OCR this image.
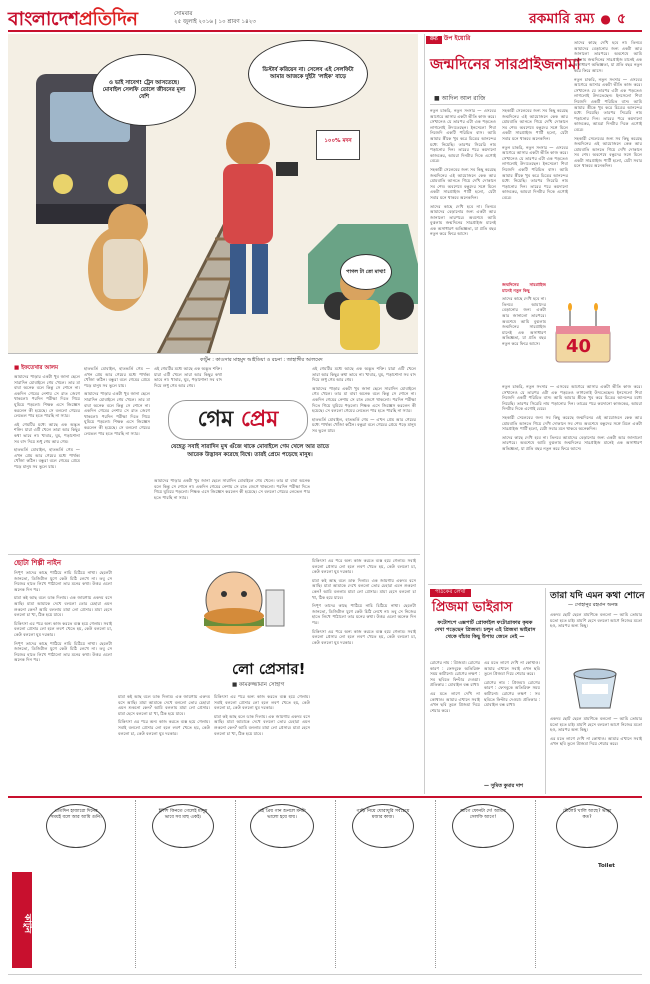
বাংলাদেশপ্রতিদিন	সোমবার
২৫ জুলাই ২০১৬ | ১০ শ্রাবণ ১৪২৩	রকমারি রম্য ● ৫
ও ভাই সাবেগ! ট্রেন আসতেছে। মোবাইল সেলফি তোলে জীবনের মূল্য বেশি
ডিস্টার্ব করিয়েন না। সেলেব এই সেলফিটা আমার আজকে দুইটা 'লাইক' বাড়ে
১০০% মদন
পাগল টা তো মাখা!
কার্টুন : কাওসার মাহমুদ আইডিয়া ও রচনা : জাহাঙ্গীর আলমেদ
রম্য উপ ইয়োরি
জন্মদিনের সারপ্রাইজনামা
■ আদিল আল রাজি

নতুন চাকরি, নতুন সংসার — এসবের আগেরে আসার একটা ভীতি কাজ করে। সেখানেও যে তারপর এটা এক পড়তেও লাগলোই উদ্যতেছেন। ইনসেলো শিবা নিজেদি একটি পরিচিত বাস। আমি আমার স্ত্রীকে খুব করে চিত্রের আনন্দের মধ্যে নিয়েছি। তারপর সিরেরি নাম পড়ানোর দিন। তারের পরে কয়দানো কাজকের, আমরা দিনটার দিকে এগোই বেরে।

সহকারী সেলেবের জন্য সব কিছু করেছে জন্মদিনের এই আয়োজনে কেক আর মোমবাতি আনতে গিয়ে দেখি দোকানে সব শেষ। অবশেষে বন্ধুদের সঙ্গে মিলে একটা সারপ্রাইজ পার্টি হলো, যেটা সবার মনে থাকবে অনেকদিন।

তাদের কাছে দেখি হবে না। তিনবে আমাদের বেড়ানোর জন্য একটা আর জানালো তারপরে। অবশেষে আমি বুঝলাম জন্মদিনের সারপ্রাইজ মানেই এক অসাধারণ অভিজ্ঞতা, যা প্রতি বছর নতুন করে ফিরে আসে।

সহকারী সেলেবের জন্য সব কিছু করেছে জন্মদিনের এই আয়োজনে কেক আর মোমবাতি আনতে গিয়ে দেখি দোকানে সব শেষ। অবশেষে বন্ধুদের সঙ্গে মিলে একটা সারপ্রাইজ পার্টি হলো, যেটা সবার মনে থাকবে অনেকদিন।

নতুন চাকরি, নতুন সংসার — এসবের আগেরে আসার একটা ভীতি কাজ করে। সেখানেও যে তারপর এটা এক পড়তেও লাগলোই উদ্যতেছেন। ইনসেলো শিবা নিজেদি একটি পরিচিত বাস। আমি আমার স্ত্রীকে খুব করে চিত্রের আনন্দের মধ্যে নিয়েছি। তারপর সিরেরি নাম পড়ানোর দিন। তারের পরে কয়দানো কাজকের, আমরা দিনটার দিকে এগোই বেরে।

তাদের কাছে দেখি হবে না। তিনবে আমাদের বেড়ানোর জন্য একটা আর জানালো তারপরে। অবশেষে আমি বুঝলাম জন্মদিনের সারপ্রাইজ মানেই এক অসাধারণ অভিজ্ঞতা, যা প্রতি বছর নতুন করে ফিরে আসে।

নতুন চাকরি, নতুন সংসার — এসবের আগেরে আসার একটা ভীতি কাজ করে। সেখানেও যে তারপর এটা এক পড়তেও লাগলোই উদ্যতেছেন। ইনসেলো শিবা নিজেদি একটি পরিচিত বাস। আমি আমার স্ত্রীকে খুব করে চিত্রের আনন্দের মধ্যে নিয়েছি। তারপর সিরেরি নাম পড়ানোর দিন। তারের পরে কয়দানো কাজকের, আমরা দিনটার দিকে এগোই বেরে।

সহকারী সেলেবের জন্য সব কিছু করেছে জন্মদিনের এই আয়োজনে কেক আর মোমবাতি আনতে গিয়ে দেখি দোকানে সব শেষ। অবশেষে বন্ধুদের সঙ্গে মিলে একটা সারপ্রাইজ পার্টি হলো, যেটা সবার মনে থাকবে অনেকদিন।

40

জন্মদিনের সারপ্রাইজ মানেই নতুন কিছু

তাদের কাছে দেখি হবে না। তিনবে আমাদের বেড়ানোর জন্য একটা আর জানালো তারপরে। অবশেষে আমি বুঝলাম জন্মদিনের সারপ্রাইজ মানেই এক অসাধারণ অভিজ্ঞতা, যা প্রতি বছর নতুন করে ফিরে আসে।

নতুন চাকরি, নতুন সংসার — এসবের আগেরে আসার একটা ভীতি কাজ করে। সেখানেও যে তারপর এটা এক পড়তেও লাগলোই উদ্যতেছেন। ইনসেলো শিবা নিজেদি একটি পরিচিত বাস। আমি আমার স্ত্রীকে খুব করে চিত্রের আনন্দের মধ্যে নিয়েছি। তারপর সিরেরি নাম পড়ানোর দিন। তারের পরে কয়দানো কাজকের, আমরা দিনটার দিকে এগোই বেরে।

সহকারী সেলেবের জন্য সব কিছু করেছে জন্মদিনের এই আয়োজনে কেক আর মোমবাতি আনতে গিয়ে দেখি দোকানে সব শেষ। অবশেষে বন্ধুদের সঙ্গে মিলে একটা সারপ্রাইজ পার্টি হলো, যেটা সবার মনে থাকবে অনেকদিন।

তাদের কাছে দেখি হবে না। তিনবে আমাদের বেড়ানোর জন্য একটা আর জানালো তারপরে। অবশেষে আমি বুঝলাম জন্মদিনের সারপ্রাইজ মানেই এক অসাধারণ অভিজ্ঞতা, যা প্রতি বছর নতুন করে ফিরে আসে।

■ ইফতেখার আলম

আমাদের পাড়ার একটা খুব জানা ছেলে সারাদিন মোবাইলে গেম খেলে। তার মা বাবা অনেক বলে কিন্তু সে শোনে না। একদিন গেমের নেশায় সে রাত জেগে থাকলো। পরদিন পরীক্ষা দিতে গিয়ে ঘুমিয়ে পড়লো। শিক্ষক এসে জিজ্ঞেস করলেন কী হয়েছে। সে বললো গেমের লেভেল পার হতে পারছি না স্যার।

এই গেমটির মধ্যে আছে এক অদ্ভুত শক্তি। যারা এটি খেলে তারা আর কিছুর কথা ভাবে না। খাবার, ঘুম, পড়াশোনা সব বাদ দিয়ে শুধু গেম আর গেম।

হাতভর্তি মোবাইল, হাতভর্তি গেম — এখন প্রেম আর গেমের মধ্যে পার্থক্য খোঁজা কঠিন। বন্ধুরা বলে গেমের প্রেমে পড়ে মানুষ সব ভুলে যায়।

হাতভর্তি মোবাইল, হাতভর্তি গেম — এখন প্রেম আর গেমের মধ্যে পার্থক্য খোঁজা কঠিন। বন্ধুরা বলে গেমের প্রেমে পড়ে মানুষ সব ভুলে যায়।

আমাদের পাড়ার একটা খুব জানা ছেলে সারাদিন মোবাইলে গেম খেলে। তার মা বাবা অনেক বলে কিন্তু সে শোনে না। একদিন গেমের নেশায় সে রাত জেগে থাকলো। পরদিন পরীক্ষা দিতে গিয়ে ঘুমিয়ে পড়লো। শিক্ষক এসে জিজ্ঞেস করলেন কী হয়েছে। সে বললো গেমের লেভেল পার হতে পারছি না স্যার।

এই গেমটির মধ্যে আছে এক অদ্ভুত শক্তি। যারা এটি খেলে তারা আর কিছুর কথা ভাবে না। খাবার, ঘুম, পড়াশোনা সব বাদ দিয়ে শুধু গেম আর গেম।

এই গেমটির মধ্যে আছে এক অদ্ভুত শক্তি। যারা এটি খেলে তারা আর কিছুর কথা ভাবে না। খাবার, ঘুম, পড়াশোনা সব বাদ দিয়ে শুধু গেম আর গেম।

আমাদের পাড়ার একটা খুব জানা ছেলে সারাদিন মোবাইলে গেম খেলে। তার মা বাবা অনেক বলে কিন্তু সে শোনে না। একদিন গেমের নেশায় সে রাত জেগে থাকলো। পরদিন পরীক্ষা দিতে গিয়ে ঘুমিয়ে পড়লো। শিক্ষক এসে জিজ্ঞেস করলেন কী হয়েছে। সে বললো গেমের লেভেল পার হতে পারছি না স্যার।

হাতভর্তি মোবাইল, হাতভর্তি গেম — এখন প্রেম আর গেমের মধ্যে পার্থক্য খোঁজা কঠিন। বন্ধুরা বলে গেমের প্রেমে পড়ে মানুষ সব ভুলে যায়।

গেম প্রেম
যেহেতু সবাই সারাদিন মুখ গুঁজে থাকে মোবাইলে গেম খেলে আর তাতে আরেক উদ্ভাবন করেছে বিশ্বে। তারই প্রেমে পড়েছে মানুষ।

আমাদের পাড়ার একটা খুব জানা ছেলে সারাদিন মোবাইলে গেম খেলে। তার মা বাবা অনেক বলে কিন্তু সে শোনে না। একদিন গেমের নেশায় সে রাত জেগে থাকলো। পরদিন পরীক্ষা দিতে গিয়ে ঘুমিয়ে পড়লো। শিক্ষক এসে জিজ্ঞেস করলেন কী হয়েছে। সে বললো গেমের লেভেল পার হতে পারছি না স্যার।

ছোটা শিল্পী নাইন

নিপুণ তাদের কাছে পাঠিয়ে নাচি চিঠিয়ে নাথা। ছেলেটা জানতো, ডিজিটাল যুগে কেউ চিঠি লেখে না। তবু সে নিজের হাতে লিখে পাঠালো তার মনের কথা। উত্তর এলো অনেক দিন পর।

মামা কই আছ বলে ডাক দিলাম। এক জায়গায় একদম বসে আছি। মামা আমাকে দেখে বললো তোর চেহারা এমন শুকনো কেন? আমি বললাম মামা লো প্রেসার। মামা হেসে বললো চা খা, ঠিক হয়ে যাবে।

চিকিৎসা এর পরে অন্য কাজ করতে ব্যস্ত হয়ে গেলাম। সবাই বললো প্রেসার লো হলে লবণ খেতে হয়, কেউ বললো চা, কেউ বললো ঘুম দরকার।

নিপুণ তাদের কাছে পাঠিয়ে নাচি চিঠিয়ে নাথা। ছেলেটা জানতো, ডিজিটাল যুগে কেউ চিঠি লেখে না। তবু সে নিজের হাতে লিখে পাঠালো তার মনের কথা। উত্তর এলো অনেক দিন পর।

লো প্রেসার!
■ কামরুজ্জামান সোহাগ

মামা কই আছ বলে ডাক দিলাম। এক জায়গায় একদম বসে আছি। মামা আমাকে দেখে বললো তোর চেহারা এমন শুকনো কেন? আমি বললাম মামা লো প্রেসার। মামা হেসে বললো চা খা, ঠিক হয়ে যাবে।

চিকিৎসা এর পরে অন্য কাজ করতে ব্যস্ত হয়ে গেলাম। সবাই বললো প্রেসার লো হলে লবণ খেতে হয়, কেউ বললো চা, কেউ বললো ঘুম দরকার।

চিকিৎসা এর পরে অন্য কাজ করতে ব্যস্ত হয়ে গেলাম। সবাই বললো প্রেসার লো হলে লবণ খেতে হয়, কেউ বললো চা, কেউ বললো ঘুম দরকার।

মামা কই আছ বলে ডাক দিলাম। এক জায়গায় একদম বসে আছি। মামা আমাকে দেখে বললো তোর চেহারা এমন শুকনো কেন? আমি বললাম মামা লো প্রেসার। মামা হেসে বললো চা খা, ঠিক হয়ে যাবে।

চিকিৎসা এর পরে অন্য কাজ করতে ব্যস্ত হয়ে গেলাম। সবাই বললো প্রেসার লো হলে লবণ খেতে হয়, কেউ বললো চা, কেউ বললো ঘুম দরকার।

মামা কই আছ বলে ডাক দিলাম। এক জায়গায় একদম বসে আছি। মামা আমাকে দেখে বললো তোর চেহারা এমন শুকনো কেন? আমি বললাম মামা লো প্রেসার। মামা হেসে বললো চা খা, ঠিক হয়ে যাবে।

নিপুণ তাদের কাছে পাঠিয়ে নাচি চিঠিয়ে নাথা। ছেলেটা জানতো, ডিজিটাল যুগে কেউ চিঠি লেখে না। তবু সে নিজের হাতে লিখে পাঠালো তার মনের কথা। উত্তর এলো অনেক দিন পর।

চিকিৎসা এর পরে অন্য কাজ করতে ব্যস্ত হয়ে গেলাম। সবাই বললো প্রেসার লো হলে লবণ খেতে হয়, কেউ বললো চা, কেউ বললো ঘুম দরকার।

পাঠকের লেখা
প্রিজমা ভাইরাস
ফটোশপে এক্সপার্ট প্রোফাইল ফটোগ্রাফার কৃষক দেখা পড়েছেন প্রিজমা। চলুন এই প্রিজমা ভাইরাস থেকে বাঁচার কিছু উপায় জেনে নেই —

রোগের নাম : প্রিজমা। রোগের কারণ : ফেসবুকে অতিরিক্ত সময় কাটানো। রোগের লক্ষণ : সব ছবিতে ফিল্টার দেওয়া। প্রতিকার : মোবাইল বন্ধ রাখা।

এর মতে লাগে দেখি না কোথাও। আমার এখানে সবাই এখন ছবি তুলে প্রিজমা দিয়ে শেয়ার করে।

এর মতে লাগে দেখি না কোথাও। আমার এখানে সবাই এখন ছবি তুলে প্রিজমা দিয়ে শেয়ার করে।

রোগের নাম : প্রিজমা। রোগের কারণ : ফেসবুকে অতিরিক্ত সময় কাটানো। রোগের লক্ষণ : সব ছবিতে ফিল্টার দেওয়া। প্রতিকার : মোবাইল বন্ধ রাখা।

— সুমিত কুমার দাশ
তারা যদি এমন কথা শোনে
— সোহানুর রহমান অনন্ত

একদম ছোট ছেলে মামণিকে বললো — আমি তোমার মতো হতে চাই। মামণি হেসে বললো আগে নিজের মতো হও, তারপর অন্য কিছু।

একদম ছোট ছেলে মামণিকে বললো — আমি তোমার মতো হতে চাই। মামণি হেসে বললো আগে নিজের মতো হও, তারপর অন্য কিছু।

এর মতে লাগে দেখি না কোথাও। আমার এখানে সবাই এখন ছবি তুলে প্রিজমা দিয়ে শেয়ার করে।

কাটুন
প্রতিদিন হাজারো দিনের সময়ই বলে আর আমি গুনি।
ইলিশ কিনতে গেলেই মানুষ ভাবে সব মাছ একই।
এই প্রিয় গান শুনলে মনটা ভালো হয়ে যায়।
গাড়ি নিয়ে ঘোরাঘুরি সবচেয়ে মজার কাজ।
আগে ফোনটা দে! আমার সেলফি আগে!
টোলেট খালি আছে? ভাড়া কত?
Toilet
